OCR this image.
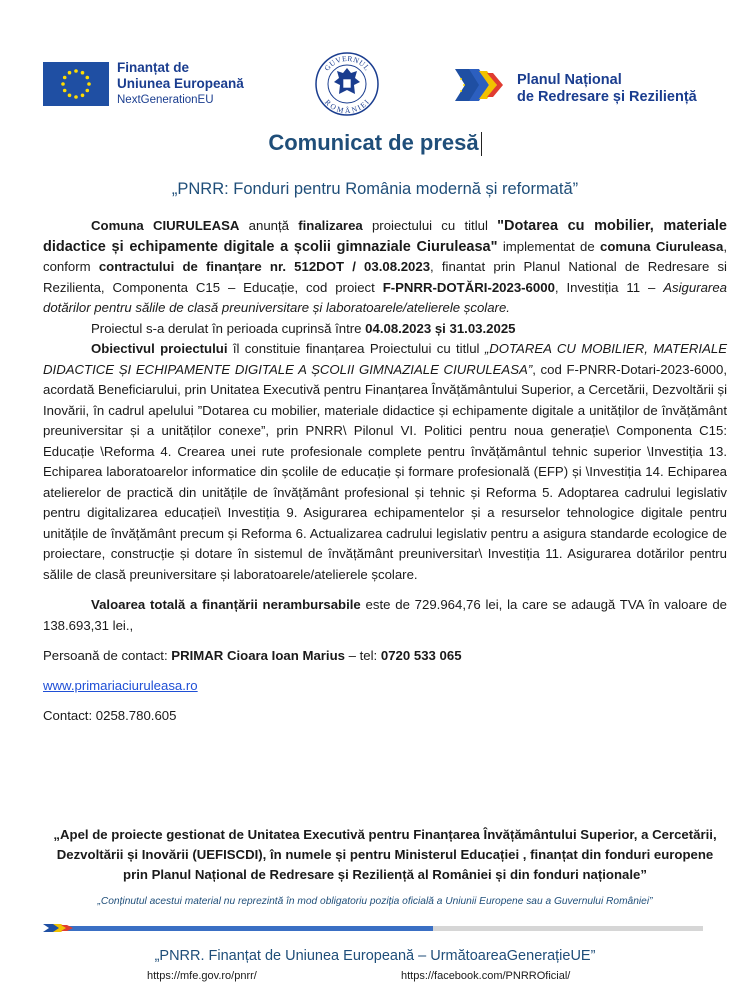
Finanțat de
Uniunea Europeană
NextGenerationEU
GUVERNUL
ROMÂNIEI
Planul Național
de Redresare și Reziliență
Comunicat de presă
„PNRR: Fonduri pentru România modernă și reformată”

Comuna CIURULEASA anunță finalizarea proiectului cu titlul "Dotarea cu mobilier, materiale didactice și echipamente digitale a școlii gimnaziale Ciuruleasa" implementat de comuna Ciuruleasa, conform contractului de finanțare nr. 512DOT / 03.08.2023, finantat prin Planul National de Redresare si Rezilienta, Componenta C15 – Educație, cod proiect F-PNRR-DOTĂRI-2023-6000, Investiția 11 – Asigurarea dotărilor pentru sălile de clasă preuniversitare și laboratoarele/atelierele școlare.

Proiectul s-a derulat în perioada cuprinsă între 04.08.2023 și 31.03.2025

Obiectivul proiectului îl constituie finanțarea Proiectului cu titlul „DOTAREA CU MOBILIER, MATERIALE DIDACTICE ȘI ECHIPAMENTE DIGITALE A ȘCOLII GIMNAZIALE CIURULEASA”, cod F-PNRR-Dotari-2023-6000, acordată Beneficiarului, prin Unitatea Executivă pentru Finanțarea Învățământului Superior, a Cercetării, Dezvoltării și Inovării, în cadrul apelului ”Dotarea cu mobilier, materiale didactice și echipamente digitale a unităților de învățământ preuniversitar și a unităților conexe”, prin PNRR\ Pilonul VI. Politici pentru noua generație\ Componenta C15: Educație \Reforma 4. Crearea unei rute profesionale complete pentru învățământul tehnic superior \Investiția 13. Echiparea laboratoarelor informatice din școlile de educație și formare profesională (EFP) și \Investiția 14. Echiparea atelierelor de practică din unitățile de învățământ profesional și tehnic și Reforma 5. Adoptarea cadrului legislativ pentru digitalizarea educației\ Investiția 9. Asigurarea echipamentelor și a resurselor tehnologice digitale pentru unitățile de învățământ precum și Reforma 6. Actualizarea cadrului legislativ pentru a asigura standarde ecologice de proiectare, construcție și dotare în sistemul de învățământ preuniversitar\ Investiția 11. Asigurarea dotărilor pentru sălile de clasă preuniversitare și laboratoarele/atelierele școlare.

Valoarea totală a finanțării nerambursabile este de 729.964,76 lei, la care se adaugă TVA în valoare de 138.693,31 lei.,

Persoană de contact: PRIMAR Cioara Ioan Marius – tel: 0720 533 065

www.primariaciuruleasa.ro

Contact: 0258.780.605

„Apel de proiecte gestionat de Unitatea Executivă pentru Finanțarea Învățământului Superior, a Cercetării, Dezvoltării și Inovării (UEFISCDI), în numele și pentru Ministerul Educației , finanțat din fonduri europene prin Planul Național de Redresare și Reziliență al României și din fonduri naționale”
„Conținutul acestui material nu reprezintă în mod obligatoriu poziția oficială a Uniunii Europene sau a Guvernului României”
„PNRR. Finanțat de Uniunea Europeană – UrmătoareaGenerațieUE”
https://mfe.gov.ro/pnrr/	https://facebook.com/PNRROficial/
